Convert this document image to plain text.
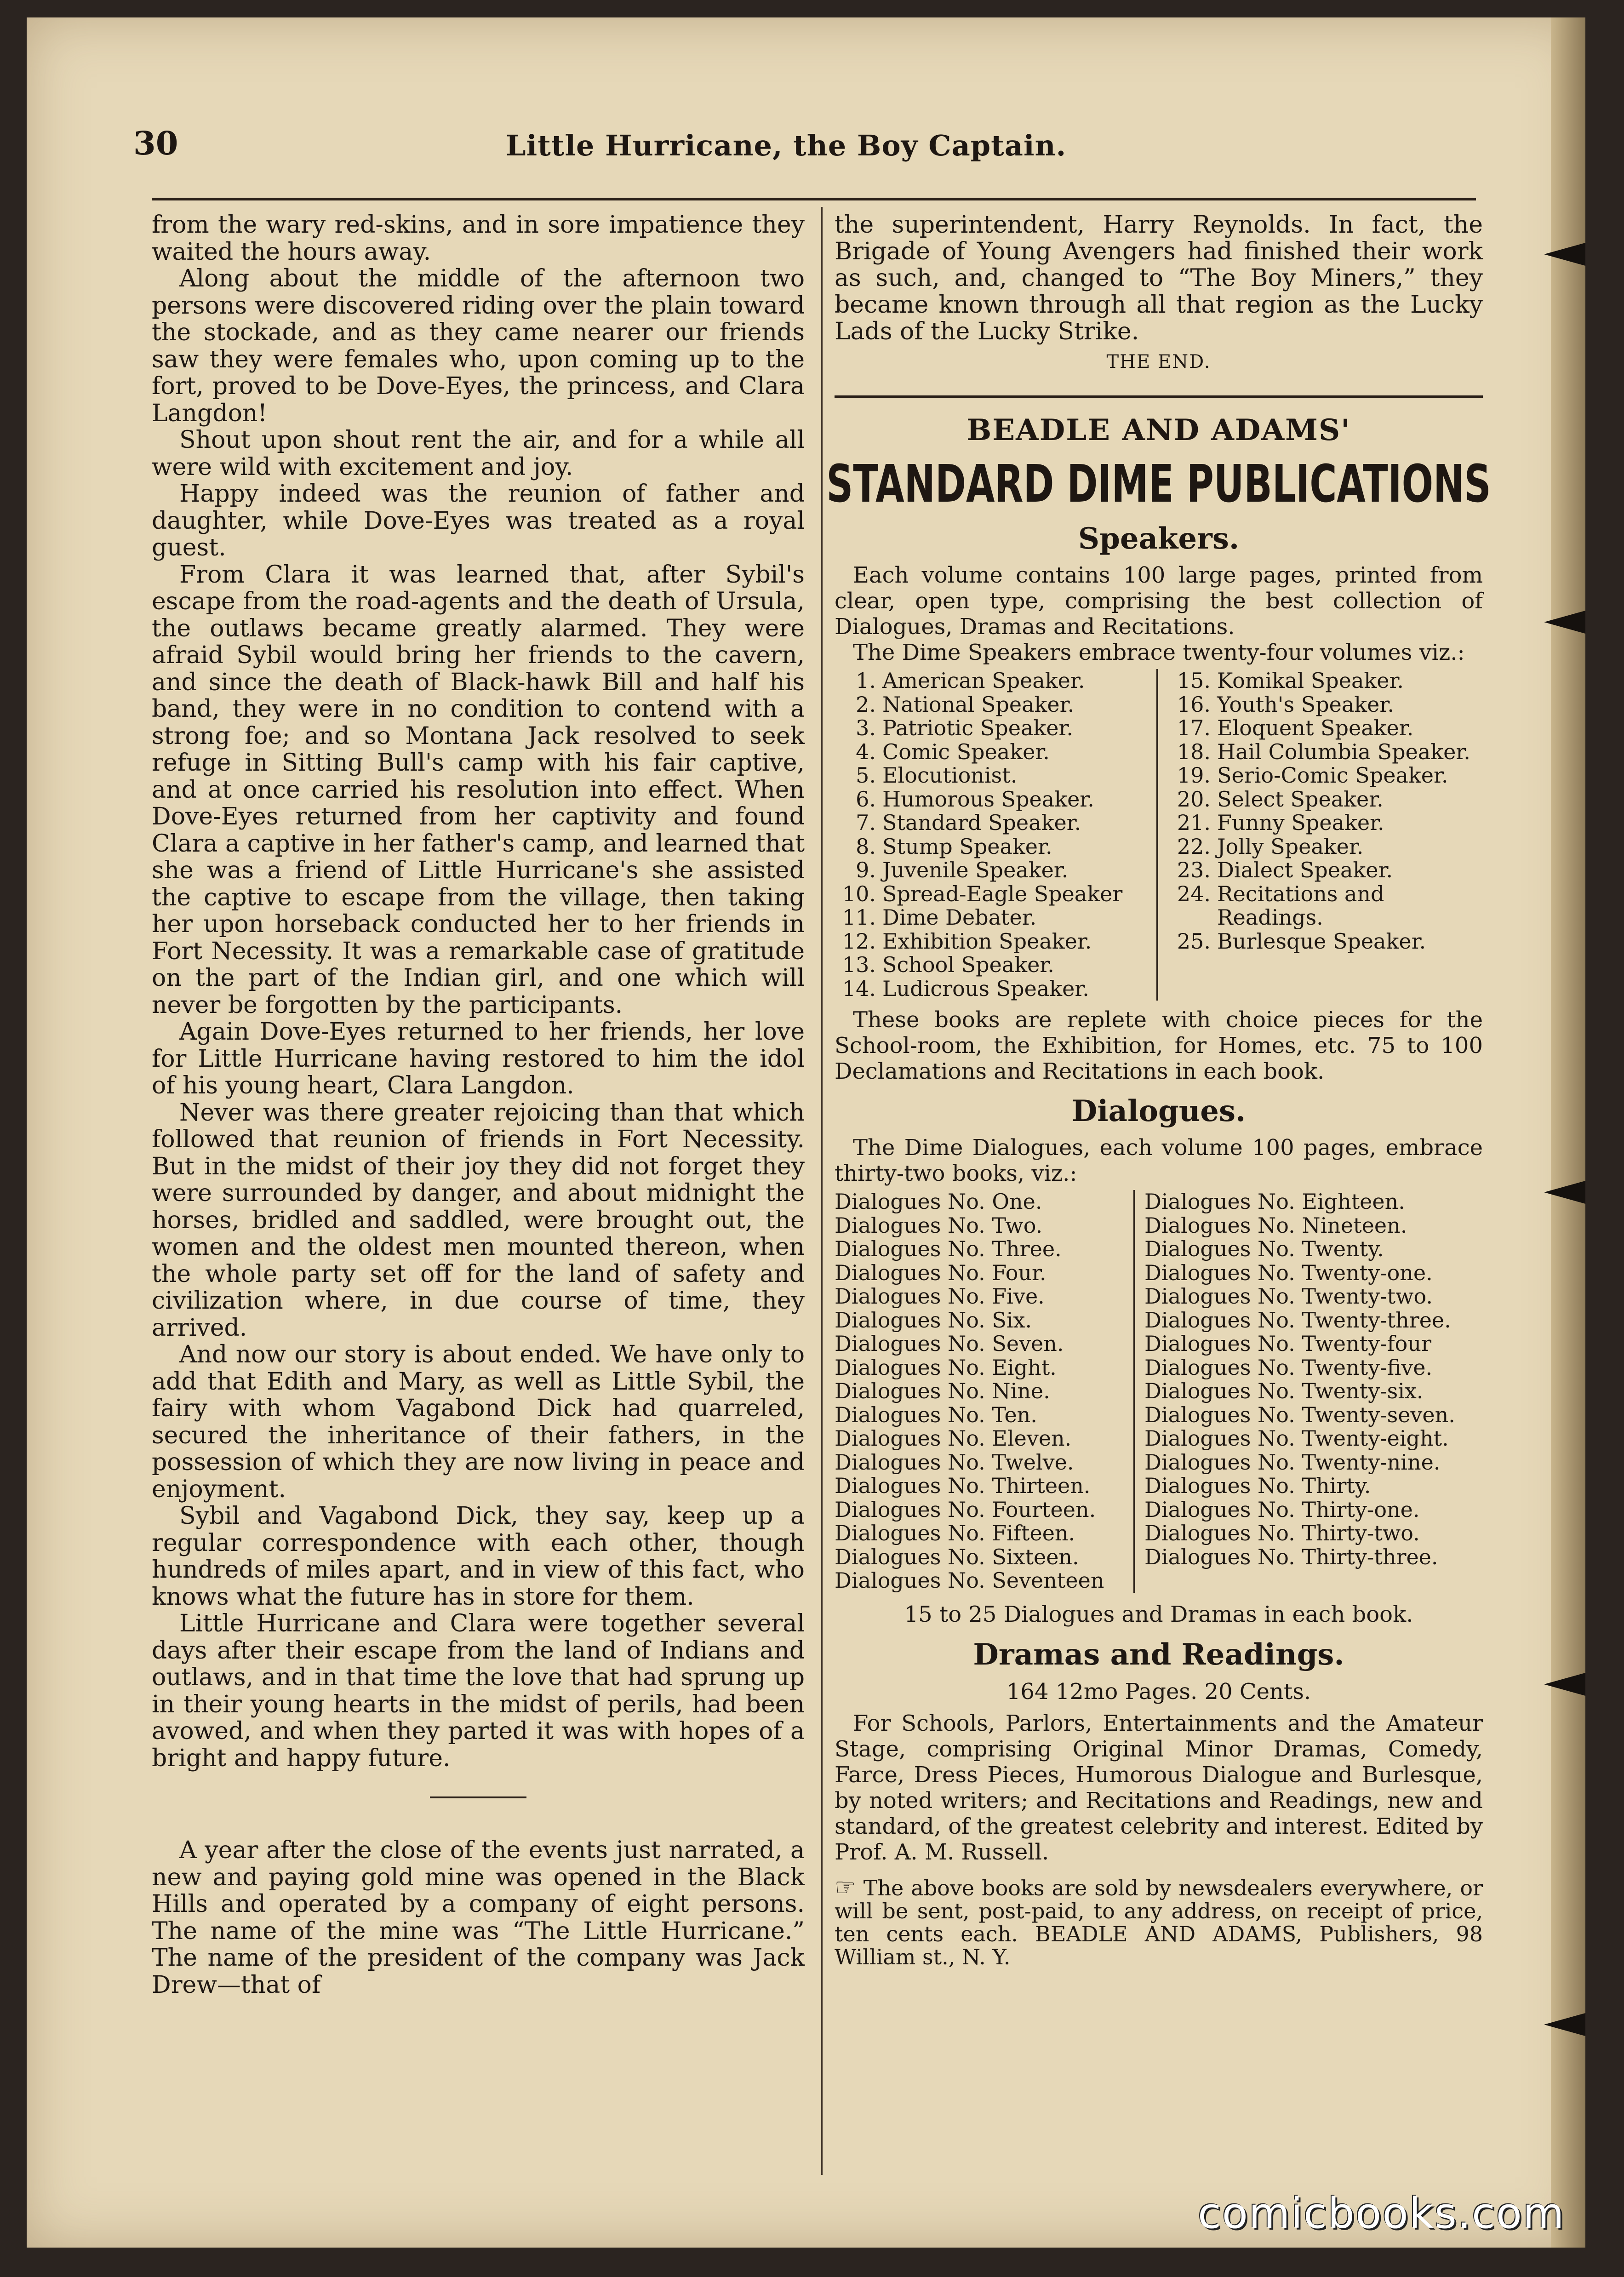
30	Little Hurricane, the Boy Captain.

from the wary red-skins, and in sore impatience they waited the hours away.

Along about the middle of the afternoon two persons were discovered riding over the plain toward the stockade, and as they came nearer our friends saw they were females who, upon coming up to the fort, proved to be Dove-Eyes, the princess, and Clara Langdon!

Shout upon shout rent the air, and for a while all were wild with excitement and joy.

Happy indeed was the reunion of father and daughter, while Dove-Eyes was treated as a royal guest.

From Clara it was learned that, after Sybil's escape from the road-agents and the death of Ursula, the outlaws became greatly alarmed. They were afraid Sybil would bring her friends to the cavern, and since the death of Black-hawk Bill and half his band, they were in no condition to contend with a strong foe; and so Montana Jack resolved to seek refuge in Sitting Bull's camp with his fair captive, and at once carried his resolution into effect. When Dove-Eyes returned from her captivity and found Clara a captive in her father's camp, and learned that she was a friend of Little Hurricane's she assisted the captive to escape from the village, then taking her upon horseback conducted her to her friends in Fort Necessity. It was a remarkable case of gratitude on the part of the Indian girl, and one which will never be forgotten by the participants.

Again Dove-Eyes returned to her friends, her love for Little Hurricane having restored to him the idol of his young heart, Clara Langdon.

Never was there greater rejoicing than that which followed that reunion of friends in Fort Necessity. But in the midst of their joy they did not forget they were surrounded by danger, and about midnight the horses, bridled and saddled, were brought out, the women and the oldest men mounted thereon, when the whole party set off for the land of safety and civilization where, in due course of time, they arrived.

And now our story is about ended. We have only to add that Edith and Mary, as well as Little Sybil, the fairy with whom Vagabond Dick had quarreled, secured the inheritance of their fathers, in the possession of which they are now living in peace and enjoyment.

Sybil and Vagabond Dick, they say, keep up a regular correspondence with each other, though hundreds of miles apart, and in view of this fact, who knows what the future has in store for them.

Little Hurricane and Clara were together several days after their escape from the land of Indians and outlaws, and in that time the love that had sprung up in their young hearts in the midst of perils, had been avowed, and when they parted it was with hopes of a bright and happy future.

A year after the close of the events just narrated, a new and paying gold mine was opened in the Black Hills and operated by a company of eight persons. The name of the mine was “The Little Hurricane.” The name of the president of the company was Jack Drew—that of

the superintendent, Harry Reynolds. In fact, the Brigade of Young Avengers had finished their work as such, and, changed to “The Boy Miners,” they became known through all that region as the Lucky Lads of the Lucky Strike.
THE END.
BEADLE AND ADAMS'
STANDARD DIME PUBLICATIONS
Speakers.

Each volume contains 100 large pages, printed from clear, open type, comprising the best collection of Dialogues, Dramas and Recitations.

The Dime Speakers embrace twenty-four volumes viz.:

1. American Speaker.
2. National Speaker.
3. Patriotic Speaker.
4. Comic Speaker.
5. Elocutionist.
6. Humorous Speaker.
7. Standard Speaker.
8. Stump Speaker.
9. Juvenile Speaker.
10. Spread-Eagle Speaker
11. Dime Debater.
12. Exhibition Speaker.
13. School Speaker.
14. Ludicrous Speaker.
15. Komikal Speaker.
16. Youth's Speaker.
17. Eloquent Speaker.
18. Hail Columbia Speaker.
19. Serio-Comic Speaker.
20. Select Speaker.
21. Funny Speaker.
22. Jolly Speaker.
23. Dialect Speaker.
24. Recitations and Readings.
25. Burlesque Speaker.

These books are replete with choice pieces for the School-room, the Exhibition, for Homes, etc. 75 to 100 Declamations and Recitations in each book.

Dialogues.

The Dime Dialogues, each volume 100 pages, embrace thirty-two books, viz.:

Dialogues No. One.
Dialogues No. Two.
Dialogues No. Three.
Dialogues No. Four.
Dialogues No. Five.
Dialogues No. Six.
Dialogues No. Seven.
Dialogues No. Eight.
Dialogues No. Nine.
Dialogues No. Ten.
Dialogues No. Eleven.
Dialogues No. Twelve.
Dialogues No. Thirteen.
Dialogues No. Fourteen.
Dialogues No. Fifteen.
Dialogues No. Sixteen.
Dialogues No. Seventeen
Dialogues No. Eighteen.
Dialogues No. Nineteen.
Dialogues No. Twenty.
Dialogues No. Twenty-one.
Dialogues No. Twenty-two.
Dialogues No. Twenty-three.
Dialogues No. Twenty-four
Dialogues No. Twenty-five.
Dialogues No. Twenty-six.
Dialogues No. Twenty-seven.
Dialogues No. Twenty-eight.
Dialogues No. Twenty-nine.
Dialogues No. Thirty.
Dialogues No. Thirty-one.
Dialogues No. Thirty-two.
Dialogues No. Thirty-three.
15 to 25 Dialogues and Dramas in each book.
Dramas and Readings.
164 12mo Pages. 20 Cents.

For Schools, Parlors, Entertainments and the Amateur Stage, comprising Original Minor Dramas, Comedy, Farce, Dress Pieces, Humorous Dialogue and Burlesque, by noted writers; and Recitations and Readings, new and standard, of the greatest celebrity and interest. Edited by Prof. A. M. Russell.

☞ The above books are sold by newsdealers everywhere, or will be sent, post-paid, to any address, on receipt of price, ten cents each. BEADLE AND ADAMS, Publishers, 98 William st., N. Y.

comicbooks.com
